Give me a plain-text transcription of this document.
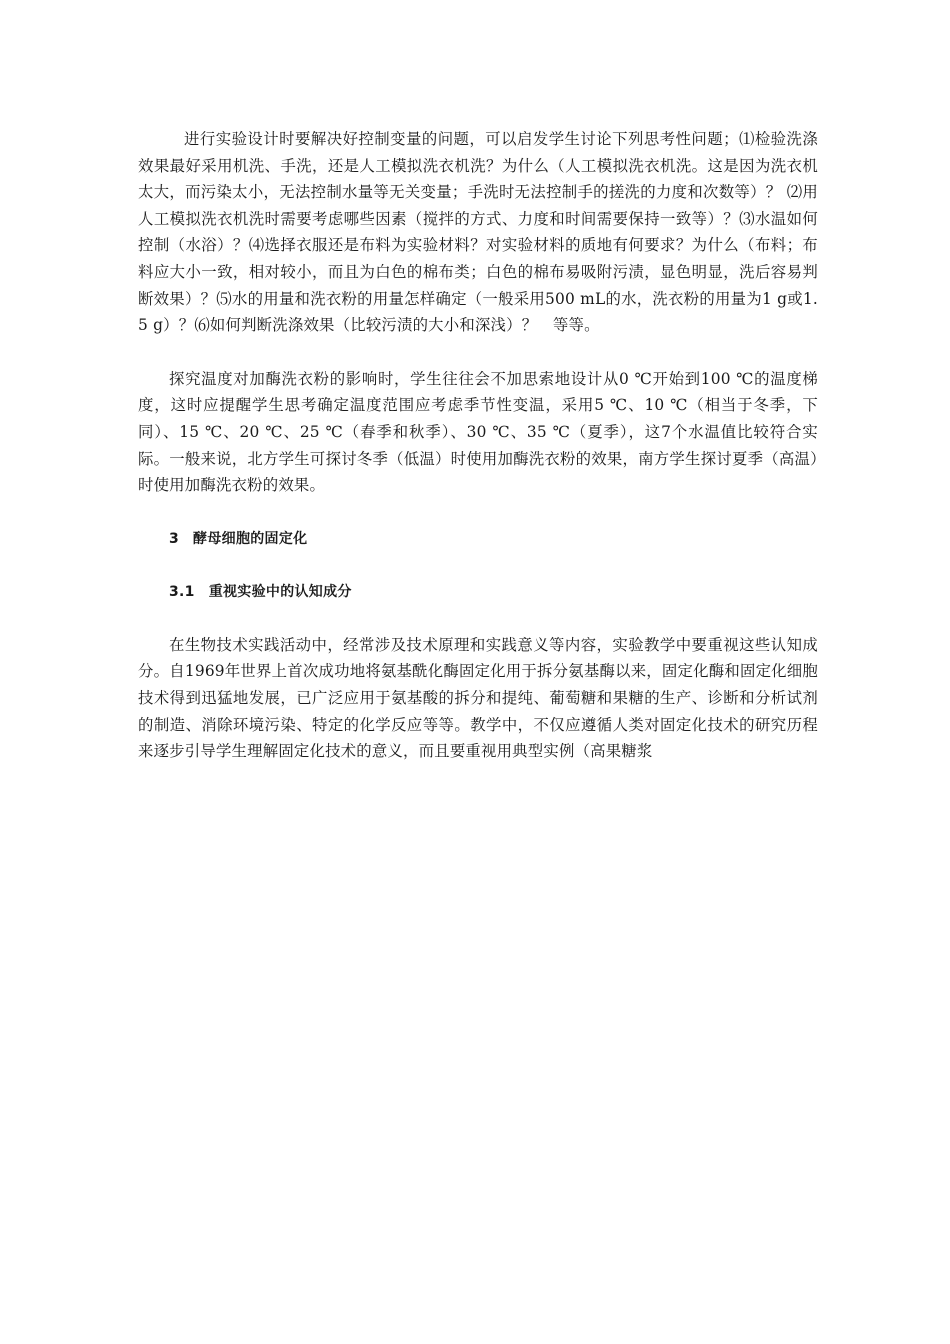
进行实验设计时要解决好控制变量的问题，可以启发学生讨论下列思考性问题；⑴检验洗涤效果最好采用机洗、手洗，还是人工模拟洗衣机洗？为什么（人工模拟洗衣机洗。这是因为洗衣机太大，而污染太小，无法控制水量等无关变量；手洗时无法控制手的搓洗的力度和次数等）？ ⑵用人工模拟洗衣机洗时需要考虑哪些因素（搅拌的方式、力度和时间需要保持一致等）？⑶水温如何控制（水浴）？⑷选择衣服还是布料为实验材料？对实验材料的质地有何要求？为什么（布料；布料应大小一致，相对较小，而且为白色的棉布类；白色的棉布易吸附污渍，显色明显，洗后容易判断效果）？⑸水的用量和洗衣粉的用量怎样确定（一般采用500 mL的水，洗衣粉的用量为1 g或1.5 g）？⑹如何判断洗涤效果（比较污渍的大小和深浅）？　等等。

探究温度对加酶洗衣粉的影响时，学生往往会不加思索地设计从0 ℃开始到100 ℃的温度梯度，这时应提醒学生思考确定温度范围应考虑季节性变温，采用5 ℃、10 ℃（相当于冬季，下同）、15 ℃、20 ℃、25 ℃（春季和秋季）、30 ℃、35 ℃（夏季），这7个水温值比较符合实际。一般来说，北方学生可探讨冬季（低温）时使用加酶洗衣粉的效果，南方学生探讨夏季（高温）时使用加酶洗衣粉的效果。

3 酵母细胞的固定化
3.1 重视实验中的认知成分

在生物技术实践活动中，经常涉及技术原理和实践意义等内容，实验教学中要重视这些认知成分。自1969年世界上首次成功地将氨基酰化酶固定化用于拆分氨基酶以来，固定化酶和固定化细胞技术得到迅猛地发展，已广泛应用于氨基酸的拆分和提纯、葡萄糖和果糖的生产、诊断和分析试剂的制造、消除环境污染、特定的化学反应等等。教学中，不仅应遵循人类对固定化技术的研究历程来逐步引导学生理解固定化技术的意义，而且要重视用典型实例（高果糖浆
